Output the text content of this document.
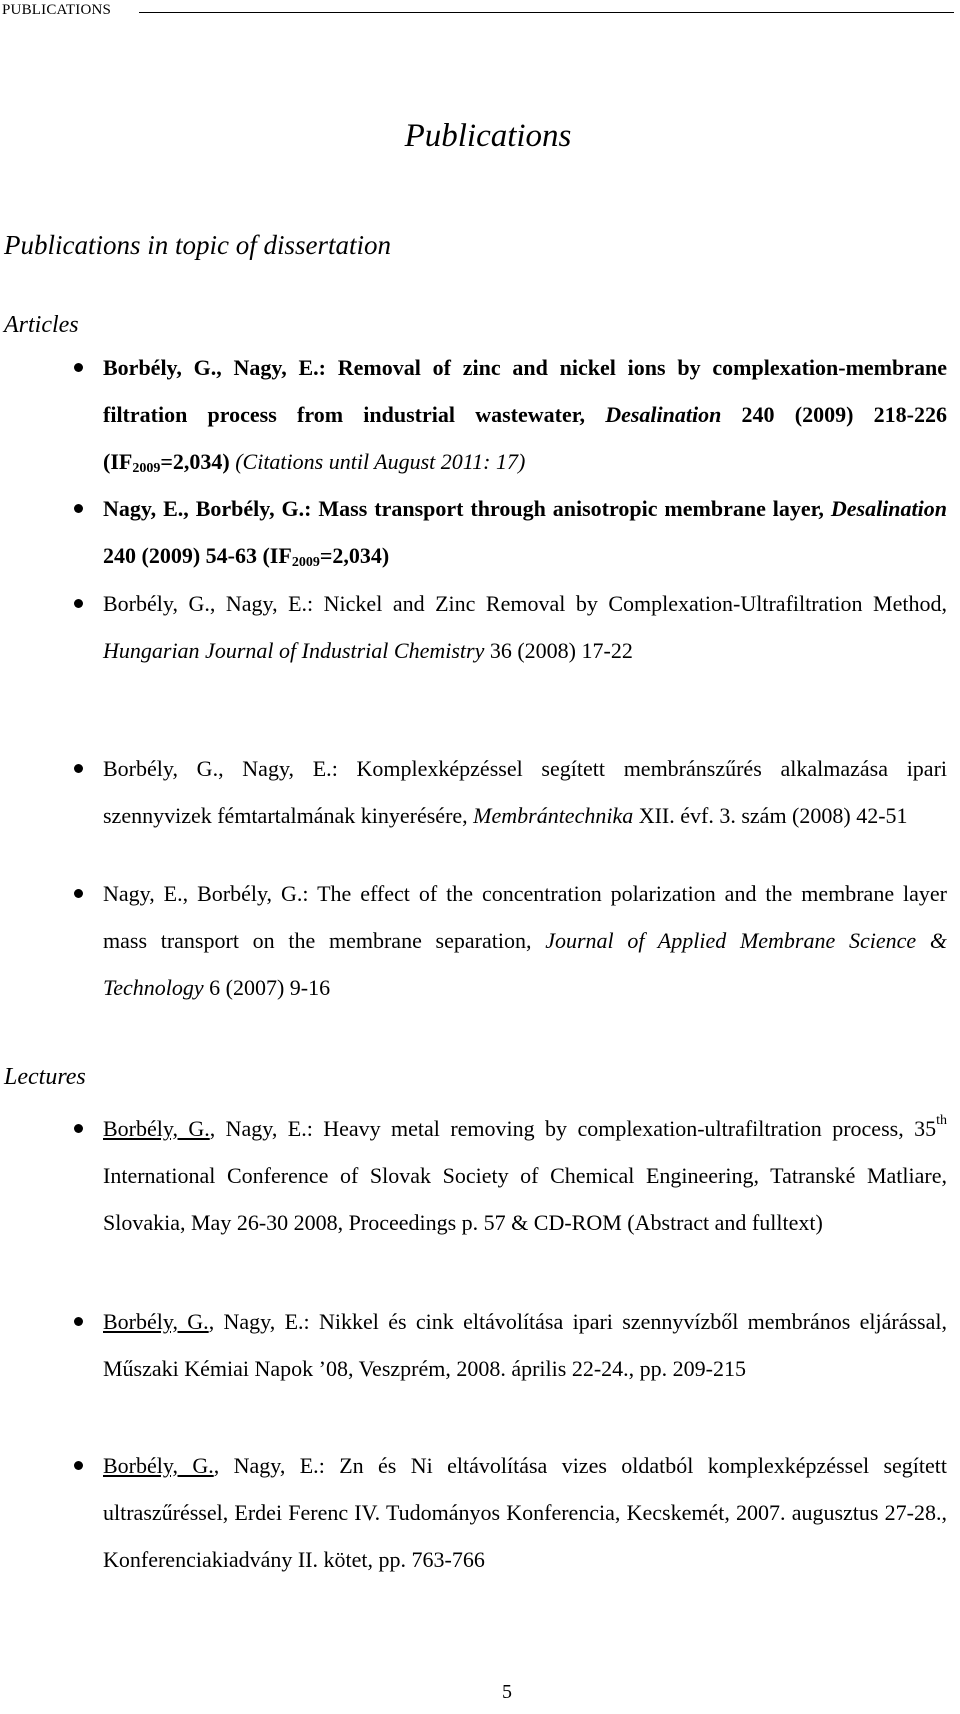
PUBLICATIONS
Publications
Publications in topic of dissertation
Articles
Borbély, G., Nagy, E.: Removal of zinc and nickel ions by complexation-membrane filtration process from industrial wastewater, Desalination 240 (2009) 218-226 $(IF_{2009}=2,034)$ (Citations until August 2011: 17)
Nagy, E., Borbély, G.: Mass transport through anisotropic membrane layer, Desalination 240 (2009) 54-63 $(IF_{2009}=2,034)$
Borbély, G., Nagy, E.: Nickel and Zinc Removal by Complexation-Ultrafiltration Method, Hungarian Journal of Industrial Chemistry 36 (2008) 17-22
Borbély, G., Nagy, E.: Komplexképzéssel segített membránszűrés alkalmazása ipari szennyvizek fémtartalmának kinyerésére, Membrántechnika XII. évf. 3. szám (2008) 42-51
Nagy, E., Borbély, G.: The effect of the concentration polarization and the membrane layer mass transport on the membrane separation, Journal of Applied Membrane Science & Technology 6 (2007) 9-16
Lectures
Borbély, G., Nagy, E.: Heavy metal removing by complexation-ultrafiltration process, 35th International Conference of Slovak Society of Chemical Engineering, Tatranské Matliare, Slovakia, May 26-30 2008, Proceedings p. 57 & CD-ROM (Abstract and fulltext)
Borbély, G., Nagy, E.: Nikkel és cink eltávolítása ipari szennyvízből membrános eljárással, Műszaki Kémiai Napok ’08, Veszprém, 2008. április 22-24., pp. 209-215
Borbély, G., Nagy, E.: Zn és Ni eltávolítása vizes oldatból komplexképzéssel segített ultraszűréssel, Erdei Ferenc IV. Tudományos Konferencia, Kecskemét, 2007. augusztus 27-28., Konferenciakiadvány II. kötet, pp. 763-766
5
